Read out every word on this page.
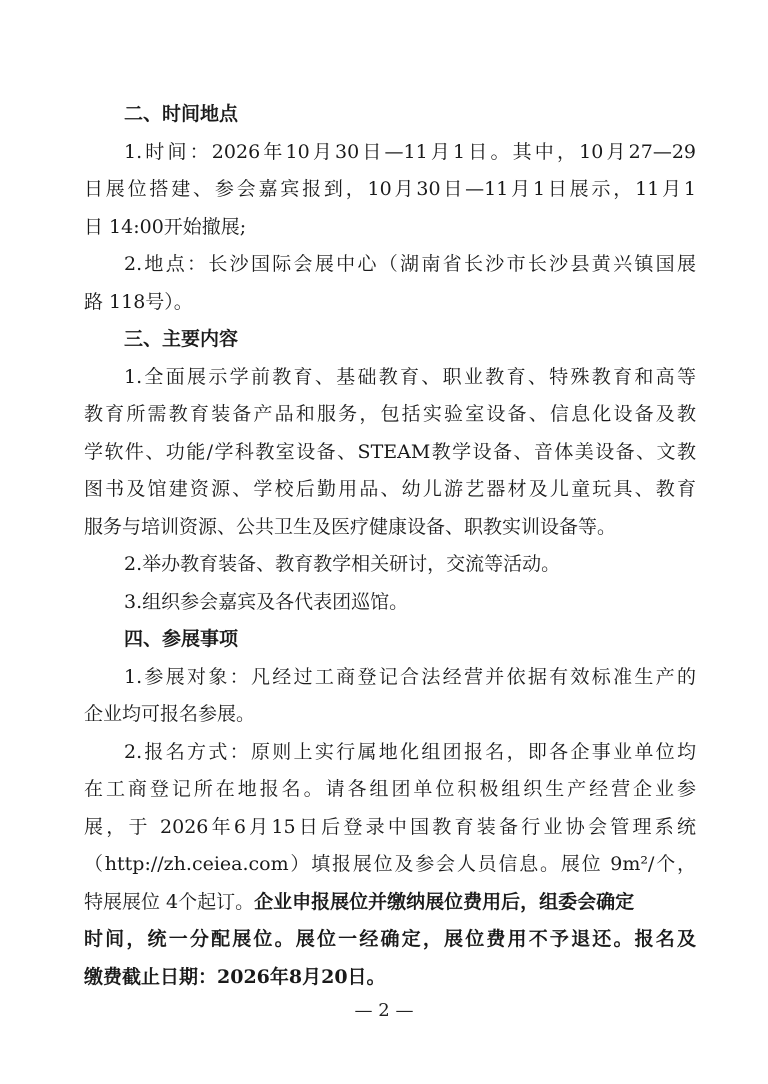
二、时间地点
1.时间：2026年10月30日—11月1日。其中，10月27—29
日展位搭建、参会嘉宾报到，10月30日—11月1日展示，11月1
日 14:00开始撤展;
2.地点：长沙国际会展中心（湖南省长沙市长沙县黄兴镇国展
路 118号）。
三、主要内容
1.全面展示学前教育、基础教育、职业教育、特殊教育和高等
教育所需教育装备产品和服务，包括实验室设备、信息化设备及教
学软件、功能/学科教室设备、STEAM教学设备、音体美设备、文教
图书及馆建资源、学校后勤用品、幼儿游艺器材及儿童玩具、教育
服务与培训资源、公共卫生及医疗健康设备、职教实训设备等。
2.举办教育装备、教育教学相关研讨，交流等活动。
3.组织参会嘉宾及各代表团巡馆。
四、参展事项
1.参展对象：凡经过工商登记合法经营并依据有效标准生产的
企业均可报名参展。
2.报名方式：原则上实行属地化组团报名，即各企事业单位均
在工商登记所在地报名。请各组团单位积极组织生产经营企业参
展，于 2026年6月15日后登录中国教育装备行业协会管理系统
（http://zh.ceiea.com）填报展位及参会人员信息。展位 9m²/个，
特展展位 4个起订。企业申报展位并缴纳展位费用后，组委会确定
时间，统一分配展位。展位一经确定，展位费用不予退还。报名及
缴费截止日期：2026年8月20日。
— 2 —
